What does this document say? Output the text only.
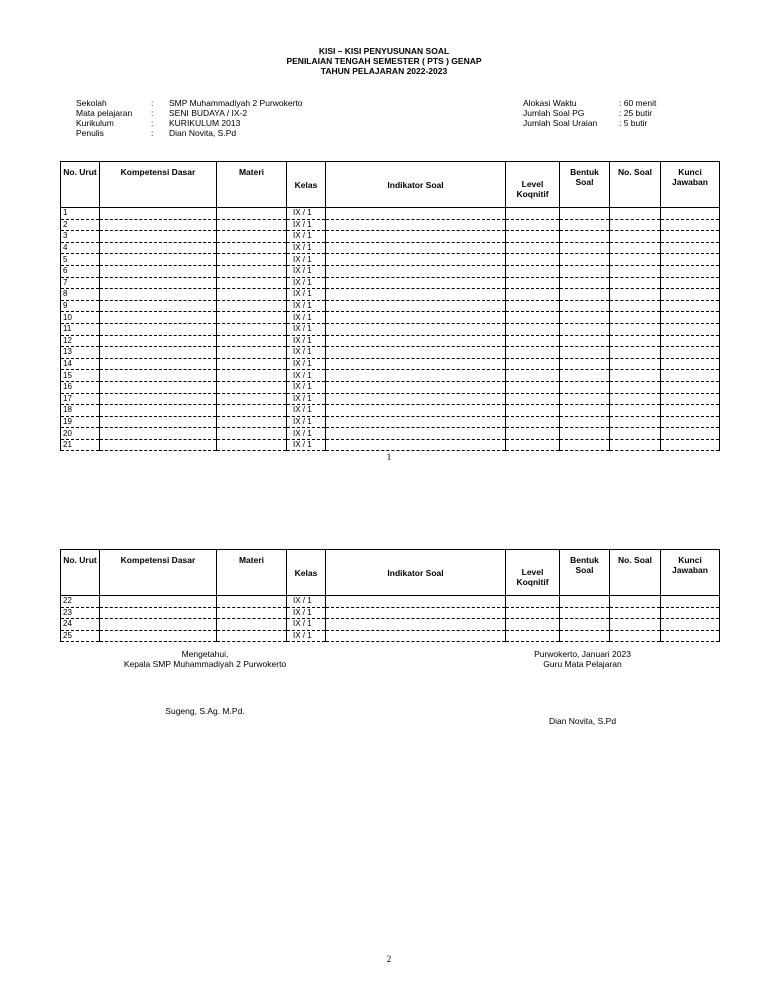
KISI – KISI PENYUSUNAN SOAL
PENILAIAN TENGAH SEMESTER ( PTS ) GENAP
TAHUN PELAJARAN 2022-2023
Sekolah	: SMP Muhammadiyah 2 Purwokerto
Mata pelajaran : SENI BUDAYA / IX-2
Kurikulum	: KURIKULUM 2013
Penulis	: Dian Novita, S.Pd
Alokasi Waktu	: 60 menit
Jumlah Soal PG	: 25 butir
Jumlah Soal Uraian	: 5 butir
No. Urut	Kompetensi Dasar	Materi	Kelas	Indikator Soal	Level Koqnitif	Bentuk Soal	No. Soal	Kunci Jawaban
1			IX / 1					
2			IX / 1					
3			IX / 1					
4			IX / 1					
5			IX / 1					
6			IX / 1					
7			IX / 1					
8			IX / 1					
9			IX / 1					
10			IX / 1					
11			IX / 1					
12			IX / 1					
13			IX / 1					
14			IX / 1					
15			IX / 1					
16			IX / 1					
17			IX / 1					
18			IX / 1					
19			IX / 1					
20			IX / 1					
21			IX / 1					
1
No. Urut	Kompetensi Dasar	Materi	Kelas	Indikator Soal	Level Koqnitif	Bentuk Soal	No. Soal	Kunci Jawaban
22			IX / 1					
23			IX / 1					
24			IX / 1					
25			IX / 1					
Mengetahui,
Kepala SMP Muhammadiyah 2 Purwokerto
Sugeng, S.Ag. M.Pd.
Purwokerto, Januari 2023
Guru Mata Pelajaran
Dian Novita, S.Pd
2
